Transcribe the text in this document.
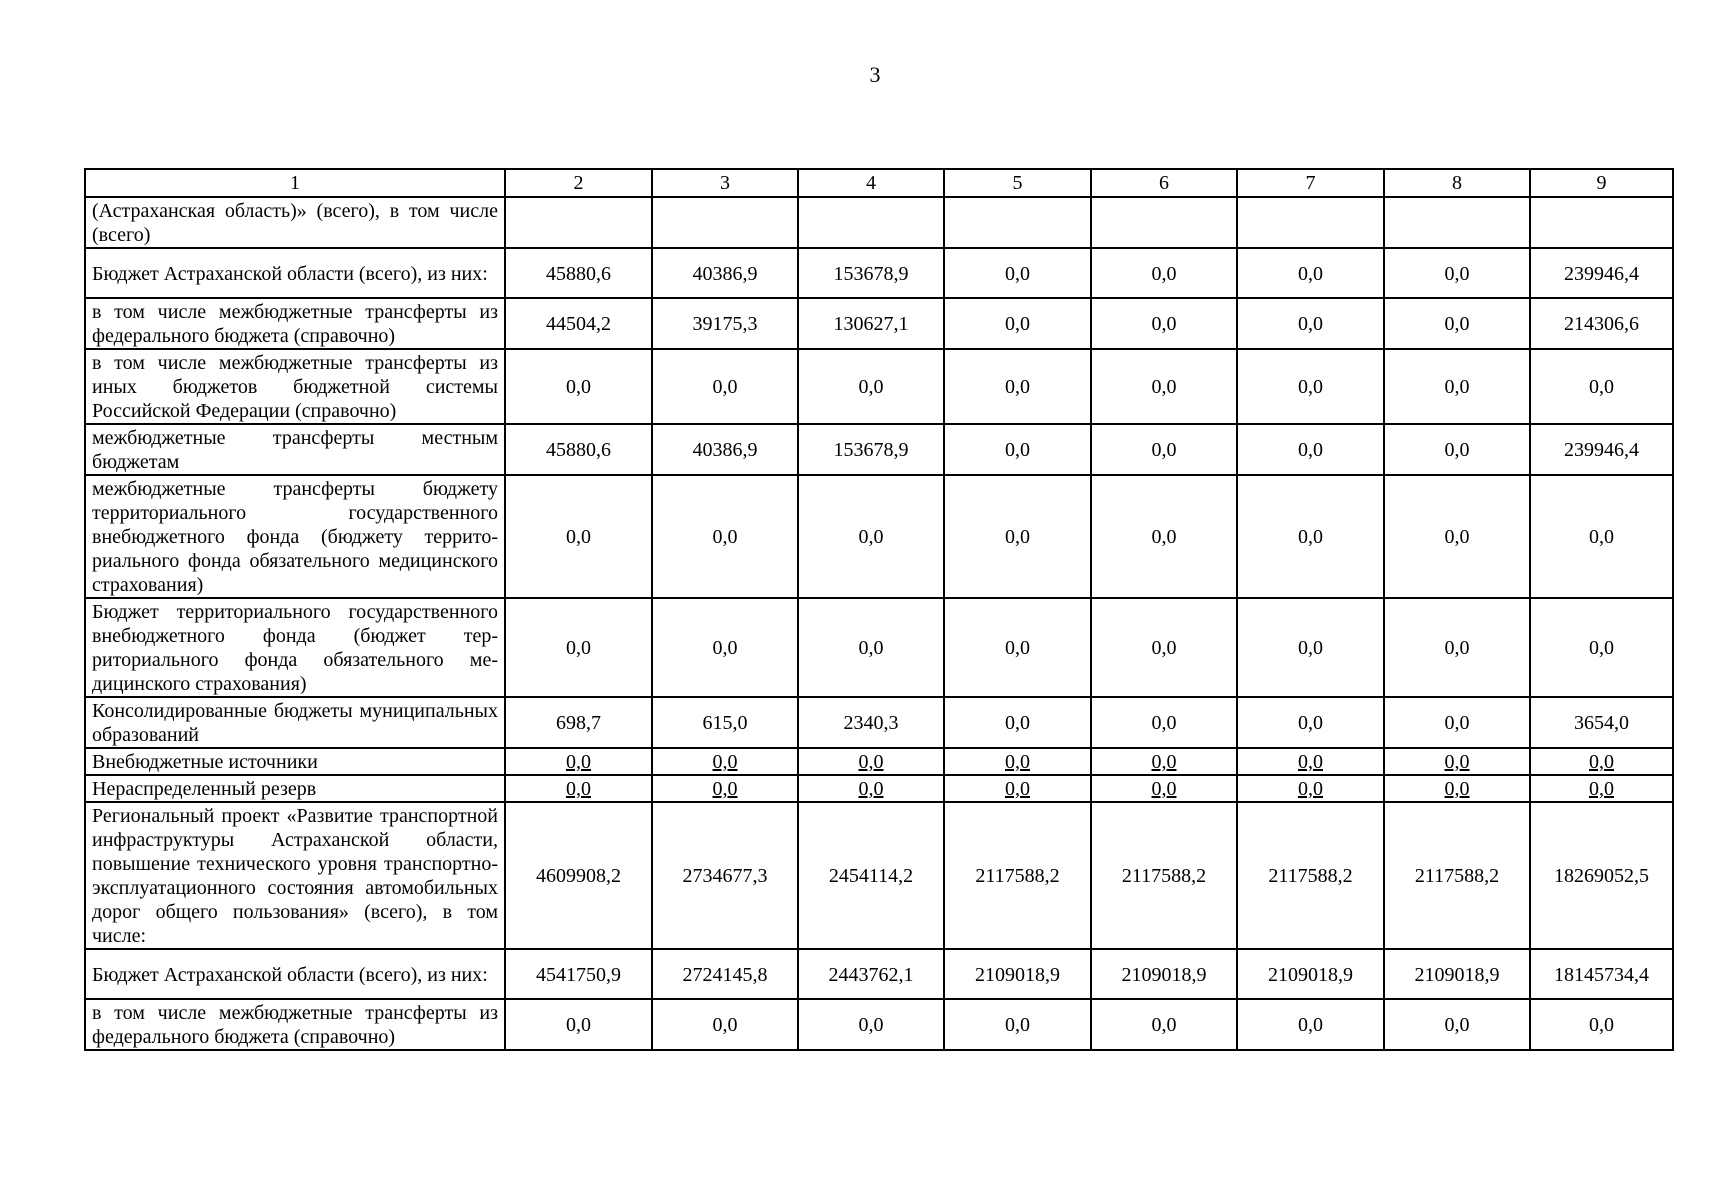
3
1	2	3	4	5	6	7	8	9
(Астраханская область)» (всего), в том числе (всего)								
Бюджет Астраханской области (всего), из них:	45880,6	40386,9	153678,9	0,0	0,0	0,0	0,0	239946,4
в том числе межбюджетные трансферты из федерального бюджета (справочно)	44504,2	39175,3	130627,1	0,0	0,0	0,0	0,0	214306,6
в том числе межбюджетные трансферты из иных бюджетов бюджетной системы Российской Федерации (справочно)	0,0	0,0	0,0	0,0	0,0	0,0	0,0	0,0
межбюджетные трансферты местным бюджетам	45880,6	40386,9	153678,9	0,0	0,0	0,0	0,0	239946,4
межбюджетные трансферты бюджету территориального государственного внебюджетного фонда (бюджету территориального фонда обязательного медицинского страхования)	0,0	0,0	0,0	0,0	0,0	0,0	0,0	0,0
Бюджет территориального государственного внебюджетного фонда (бюджет территориального фонда обязательного медицинского страхования)	0,0	0,0	0,0	0,0	0,0	0,0	0,0	0,0
Консолидированные бюджеты муниципальных образований	698,7	615,0	2340,3	0,0	0,0	0,0	0,0	3654,0
Внебюджетные источники	0,0	0,0	0,0	0,0	0,0	0,0	0,0	0,0
Нераспределенный резерв	0,0	0,0	0,0	0,0	0,0	0,0	0,0	0,0
Региональный проект «Развитие транспортной инфраструктуры Астраханской области, повышение технического уровня транспортно-эксплуатационного состояния автомобильных дорог общего пользования» (всего), в том числе:	4609908,2	2734677,3	2454114,2	2117588,2	2117588,2	2117588,2	2117588,2	18269052,5
Бюджет Астраханской области (всего), из них:	4541750,9	2724145,8	2443762,1	2109018,9	2109018,9	2109018,9	2109018,9	18145734,4
в том числе межбюджетные трансферты из федерального бюджета (справочно)	0,0	0,0	0,0	0,0	0,0	0,0	0,0	0,0
